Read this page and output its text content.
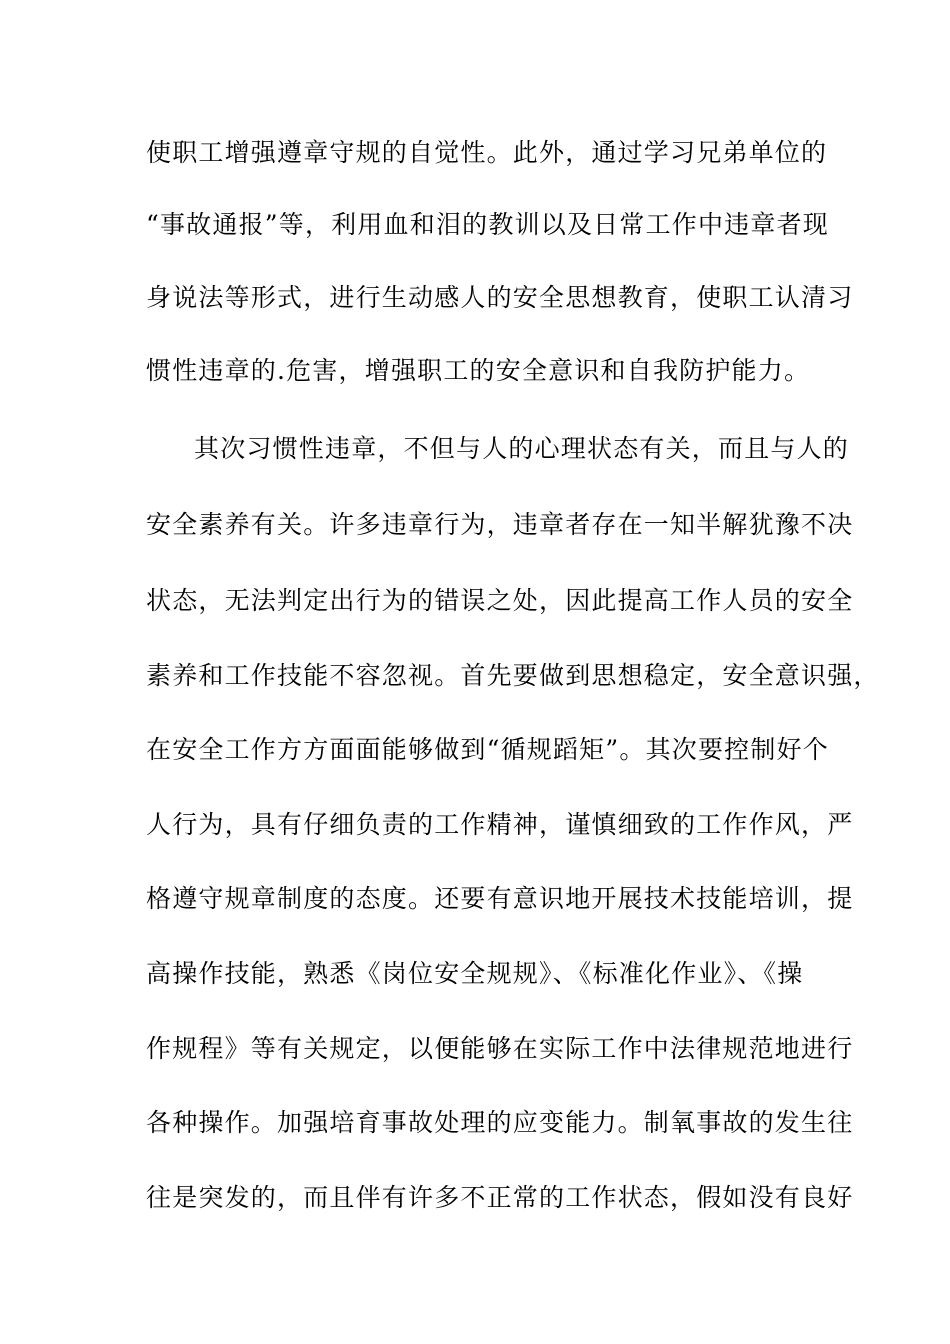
使职工增强遵章守规的自觉性。此外，通过学习兄弟单位的
“事故通报”等，利用血和泪的教训以及日常工作中违章者现
身说法等形式，进行生动感人的安全思想教育，使职工认清习
惯性违章的.危害，增强职工的安全意识和自我防护能力。
其次习惯性违章，不但与人的心理状态有关，而且与人的
安全素养有关。许多违章行为，违章者存在一知半解犹豫不决
状态，无法判定出行为的错误之处，因此提高工作人员的安全
素养和工作技能不容忽视。首先要做到思想稳定，安全意识强，
在安全工作方方面面能够做到“循规蹈矩”。其次要控制好个
人行为，具有仔细负责的工作精神，谨慎细致的工作作风，严
格遵守规章制度的态度。还要有意识地开展技术技能培训，提
高操作技能，熟悉《岗位安全规规》、《标准化作业》、《操
作规程》等有关规定，以便能够在实际工作中法律规范地进行
各种操作。加强培育事故处理的应变能力。制氧事故的发生往
往是突发的，而且伴有许多不正常的工作状态，假如没有良好
